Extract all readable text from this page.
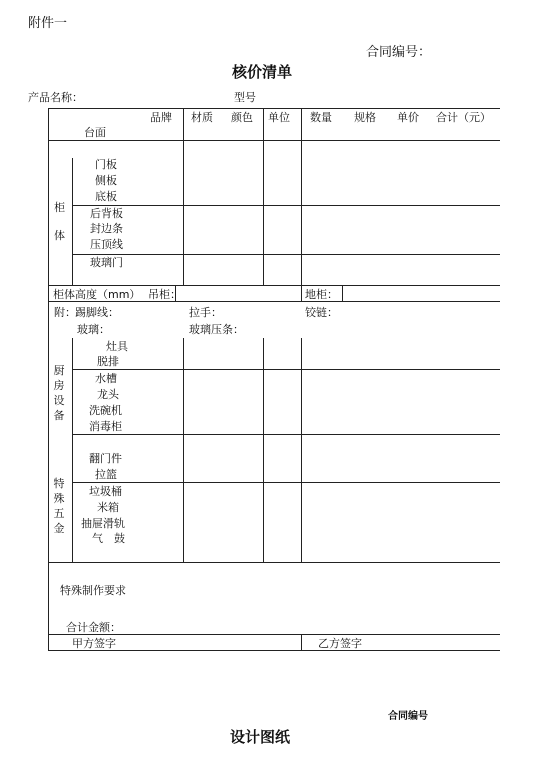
附件一
合同编号：
核价清单
产品名称：	型号
品牌 材质 颜色 单位 数量 规格 单价 合计（元）
台面
柜
体
门板
侧板
底板
后背板
封边条
压顶线
玻璃门
柜体高度（mm） 吊柜：	地柜：
附： 踢脚线：	拉手：	铰链：
玻璃：	玻璃压条：
厨房设备
灶具
脱排
水槽
龙头
洗碗机
消毒柜
特殊五金
翻门件
拉篮
垃圾桶
米箱
抽屉滑轨
气　鼓
特殊制作要求
合计金额：
甲方签字	乙方签字
合同编号
设计图纸
